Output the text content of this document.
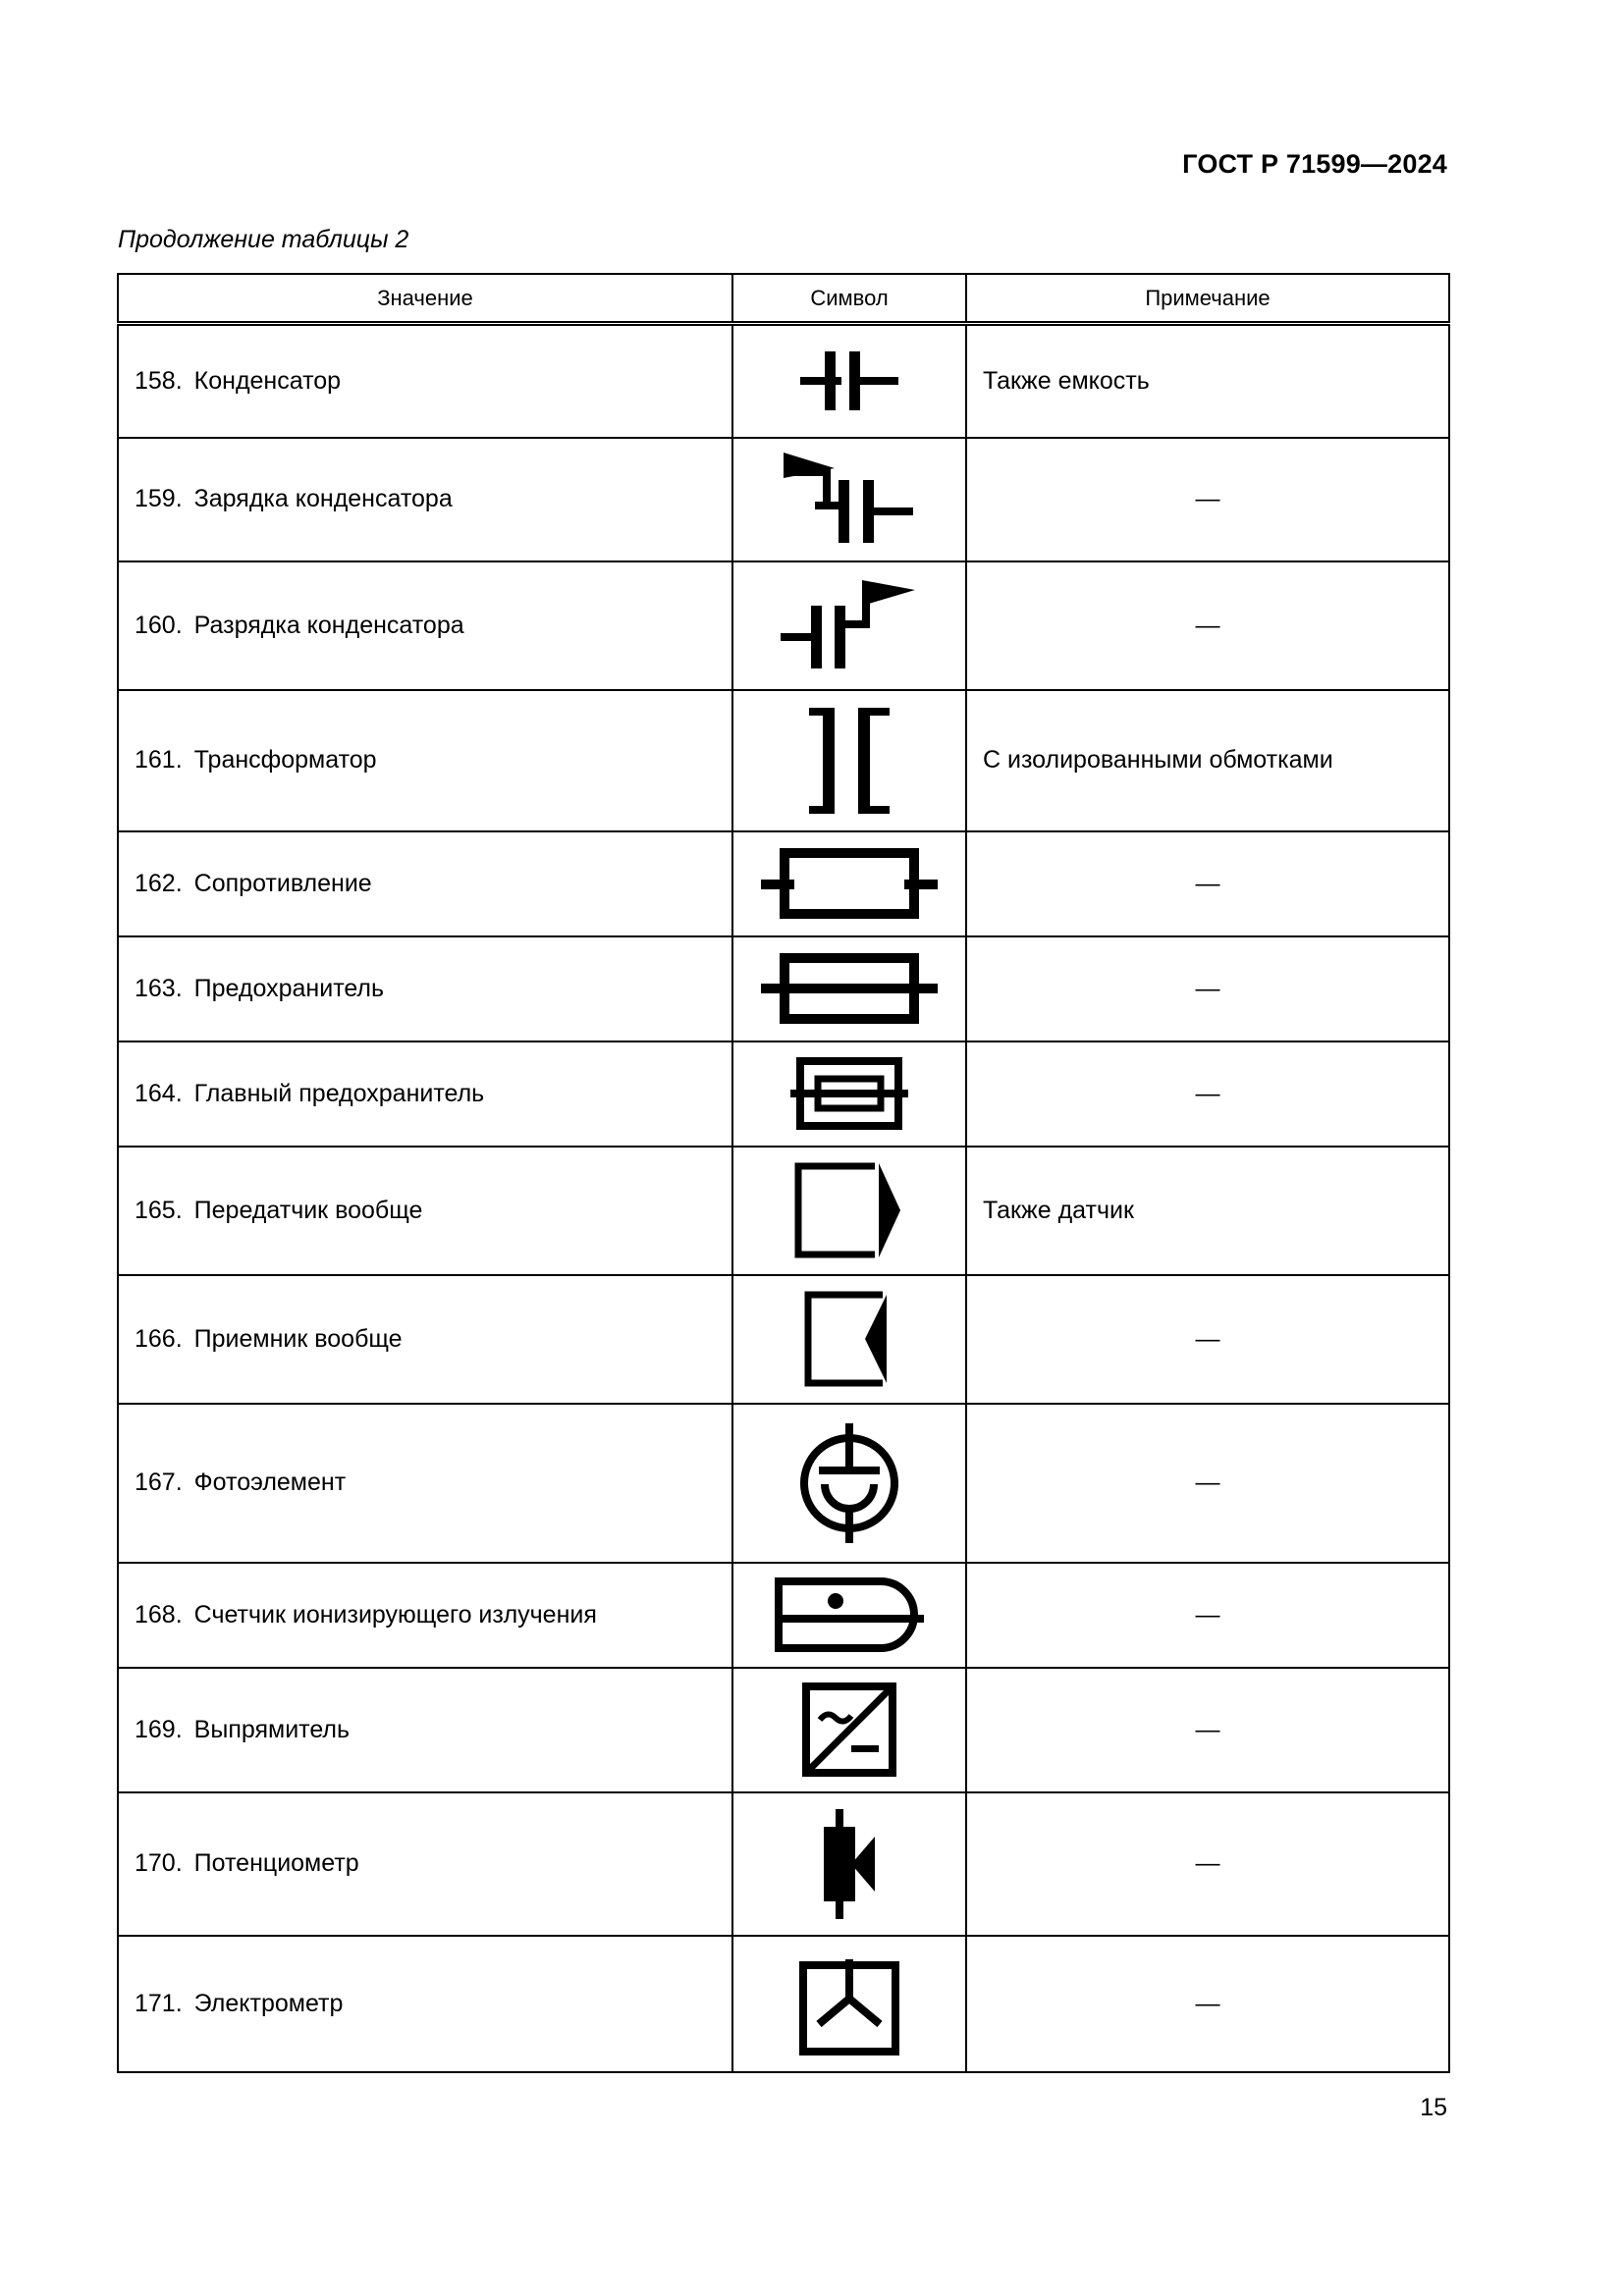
ГОСТ Р 71599—2024
Продолжение таблицы 2
Значение	Символ	Примечание
158. Конденсатор		Также емкость
159. Зарядка конденсатора		—
160. Разрядка конденсатора		—
161. Трансформатор		С изолированными обмотками
162. Сопротивление		—
163. Предохранитель		—
164. Главный предохранитель		—
165. Передатчик вообще		Также датчик
166. Приемник вообще		—
167. Фотоэлемент		—
168. Счетчик ионизирующего излучения		—
169. Выпрямитель		—
170. Потенциометр		—
171. Электрометр		—
15
